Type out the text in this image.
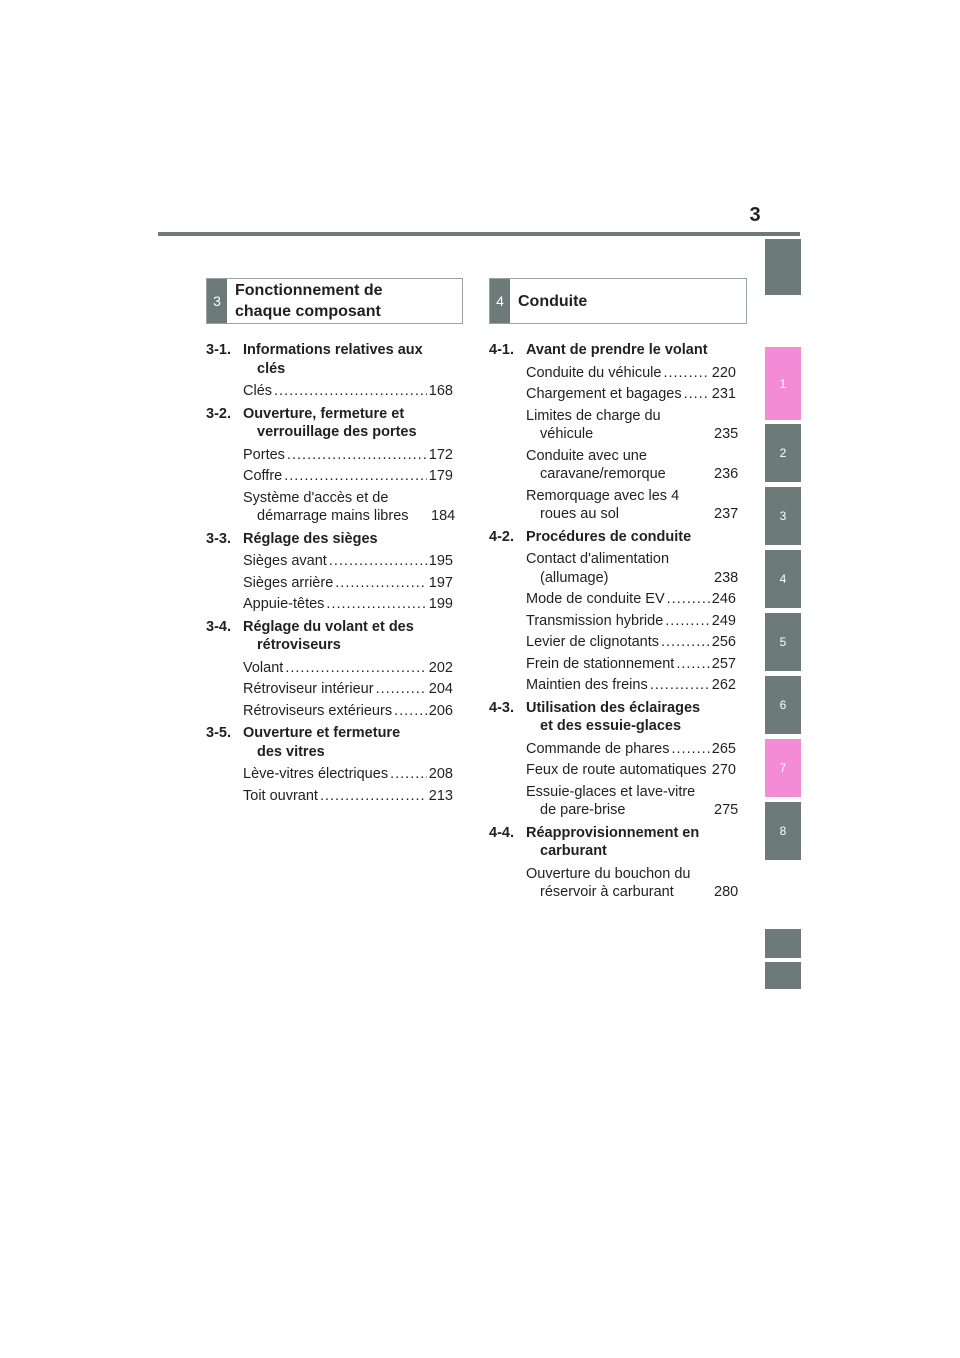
3
1
2
3
4
5
6
7
8
3
Fonctionnement de
chaque composant
4 Conduite
3-1. Informations relatives aux clés
Clés .....	168
3-2. Ouverture, fermeture et verrouillage des portes
Portes .....	172
Coffre .....	179
Système d'accès et de démarrage mains libres	184
3-3. Réglage des sièges
Sièges avant .....	195
Sièges arrière .....	197
Appuie-têtes .....	199
3-4. Réglage du volant et des rétroviseurs
Volant .....	202
Rétroviseur intérieur .....	204
Rétroviseurs extérieurs .....	206
3-5. Ouverture et fermeture des vitres
Lève-vitres électriques .....	208
Toit ouvrant .....	213
4-1. Avant de prendre le volant
Conduite du véhicule .....	220
Chargement et bagages ..... 231
Limites de charge du véhicule	235
Conduite avec une caravane/remorque	236
Remorquage avec les 4 roues au sol	237
4-2. Procédures de conduite
Contact d'alimentation (allumage)	238
Mode de conduite EV .....	246
Transmission hybride .....	249
Levier de clignotants .....	256
Frein de stationnement .....	257
Maintien des freins .....	262
4-3. Utilisation des éclairages et des essuie-glaces
Commande de phares .....	265
Feux de route automatiques ..... 270
Essuie-glaces et lave-vitre de pare-brise	275
4-4. Réapprovisionnement en carburant
Ouverture du bouchon du réservoir à carburant	280
